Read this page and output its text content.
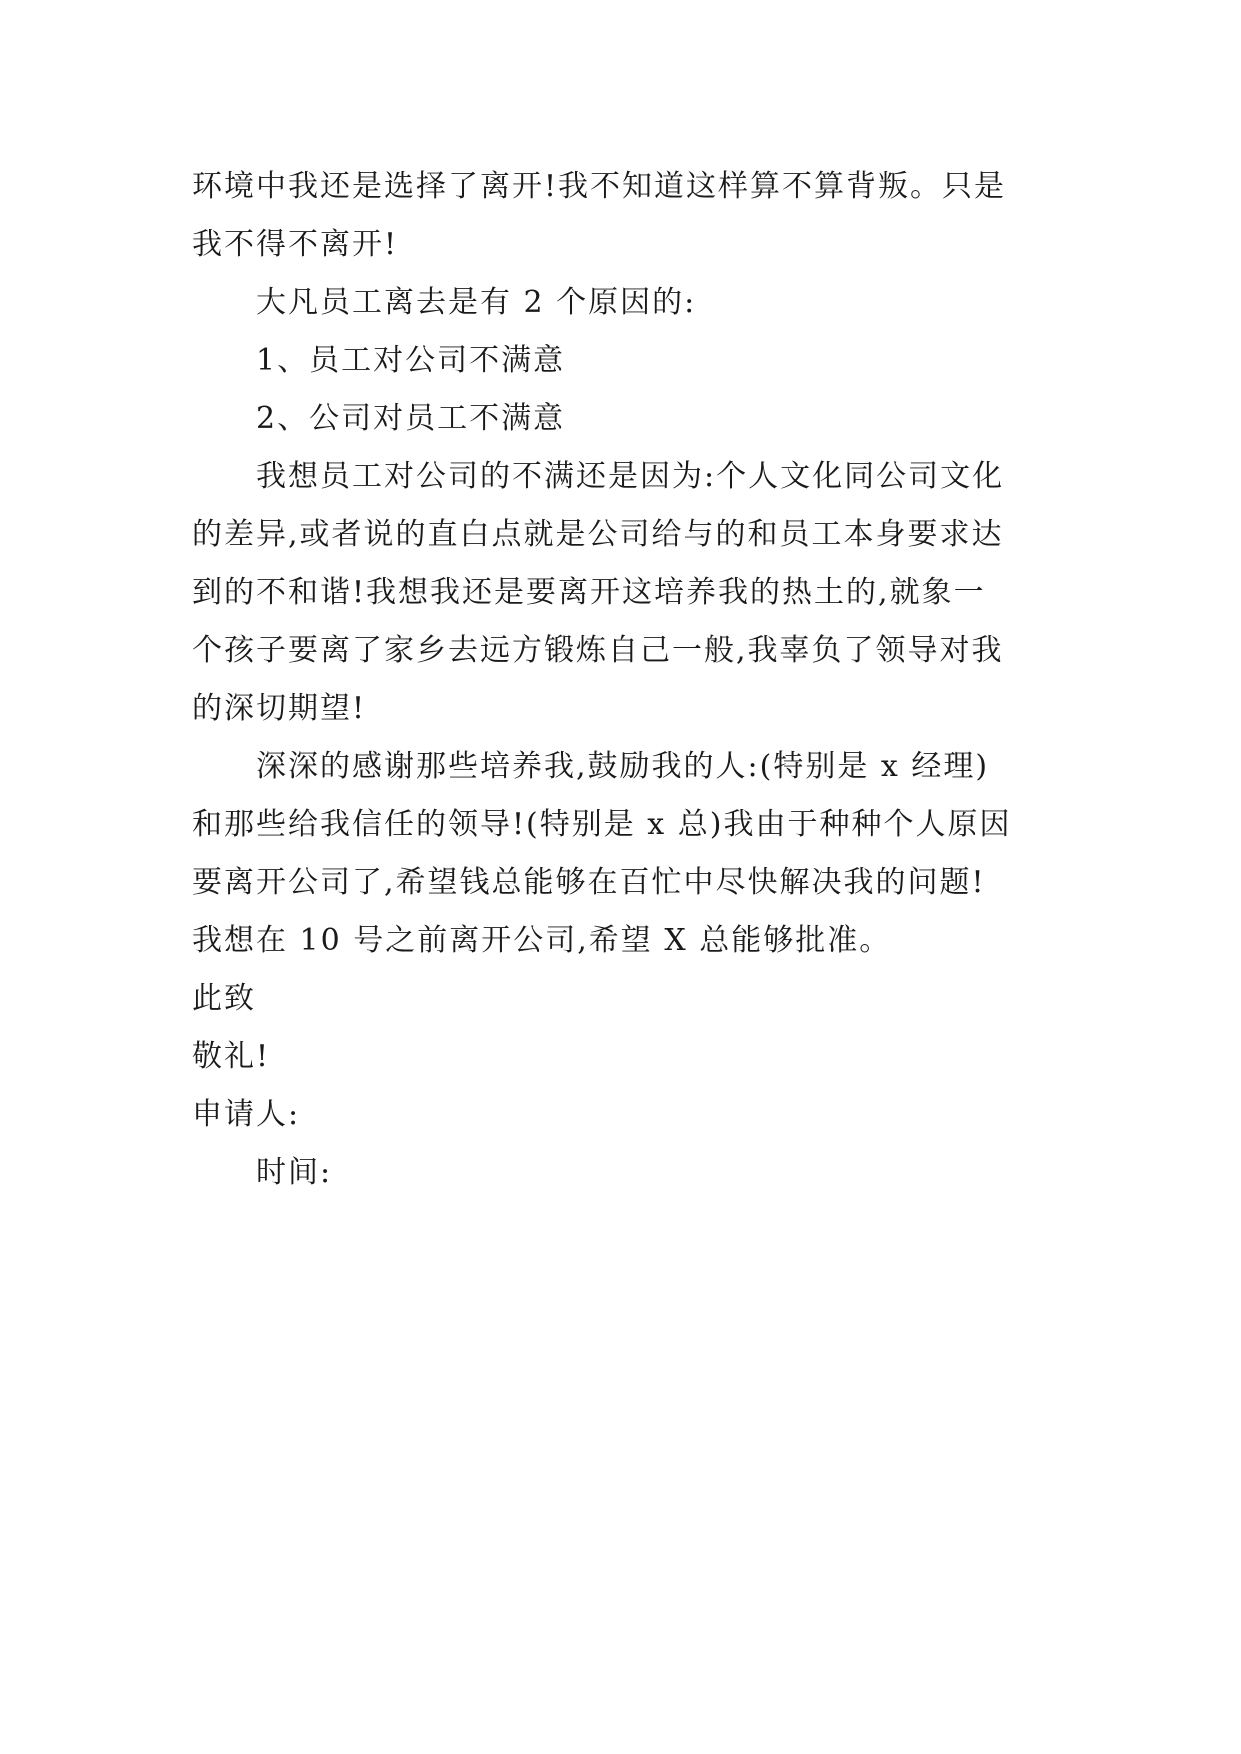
环境中我还是选择了离开!我不知道这样算不算背叛。只是
我不得不离开!
大凡员工离去是有 2 个原因的:
1、员工对公司不满意
2、公司对员工不满意
我想员工对公司的不满还是因为:个人文化同公司文化
的差异,或者说的直白点就是公司给与的和员工本身要求达
到的不和谐!我想我还是要离开这培养我的热土的,就象一
个孩子要离了家乡去远方锻炼自己一般,我辜负了领导对我
的深切期望!
深深的感谢那些培养我,鼓励我的人:(特别是 x 经理)
和那些给我信任的领导!(特别是 x 总)我由于种种个人原因
要离开公司了,希望钱总能够在百忙中尽快解决我的问题!
我想在 10 号之前离开公司,希望 X 总能够批准。
此致
敬礼!
申请人:
时间:
